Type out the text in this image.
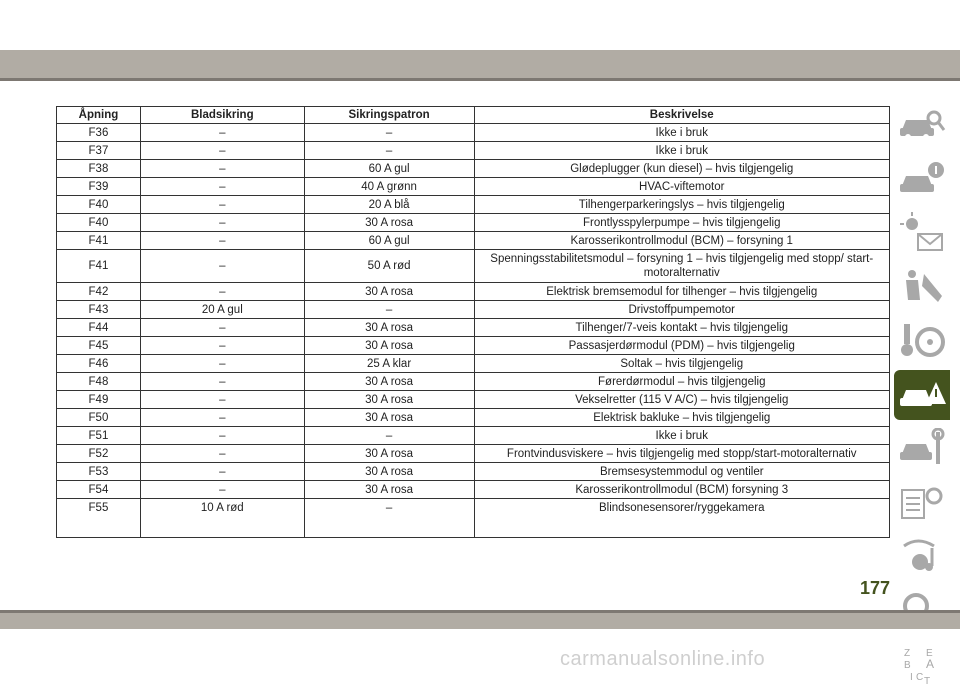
Åpning	Bladsikring	Sikringspatron	Beskrivelse
F36	–	–	Ikke i bruk
F37	–	–	Ikke i bruk
F38	–	60 A gul	Glødeplugger (kun diesel) – hvis tilgjengelig
F39	–	40 A grønn	HVAC-viftemotor
F40	–	20 A blå	Tilhengerparkeringslys – hvis tilgjengelig
F40	–	30 A rosa	Frontlysspylerpumpe – hvis tilgjengelig
F41	–	60 A gul	Karosserikontrollmodul (BCM) – forsyning 1
F41	–	50 A rød	Spenningsstabilitetsmodul – forsyning 1 – hvis tilgjengelig med stopp/ start-motoralternativ
F42	–	30 A rosa	Elektrisk bremsemodul for tilhenger – hvis tilgjengelig
F43	20 A gul	–	Drivstoffpumpemotor
F44	–	30 A rosa	Tilhenger/7-veis kontakt – hvis tilgjengelig
F45	–	30 A rosa	Passasjerdørmodul (PDM) – hvis tilgjengelig
F46	–	25 A klar	Soltak – hvis tilgjengelig
F48	–	30 A rosa	Førerdørmodul – hvis tilgjengelig
F49	–	30 A rosa	Vekselretter (115 V A/C) – hvis tilgjengelig
F50	–	30 A rosa	Elektrisk bakluke – hvis tilgjengelig
F51	–	–	Ikke i bruk
F52	–	30 A rosa	Frontvindusviskere – hvis tilgjengelig med stopp/start-motoralternativ
F53	–	30 A rosa	Bremsesystemmodul og ventiler
F54	–	30 A rosa	Karosserikontrollmodul (BCM) forsyning 3
F55	10 A rød	–	Blindsonesensorer/ryggekamera
Z E
B A
I C T
177
carmanualsonline.info
